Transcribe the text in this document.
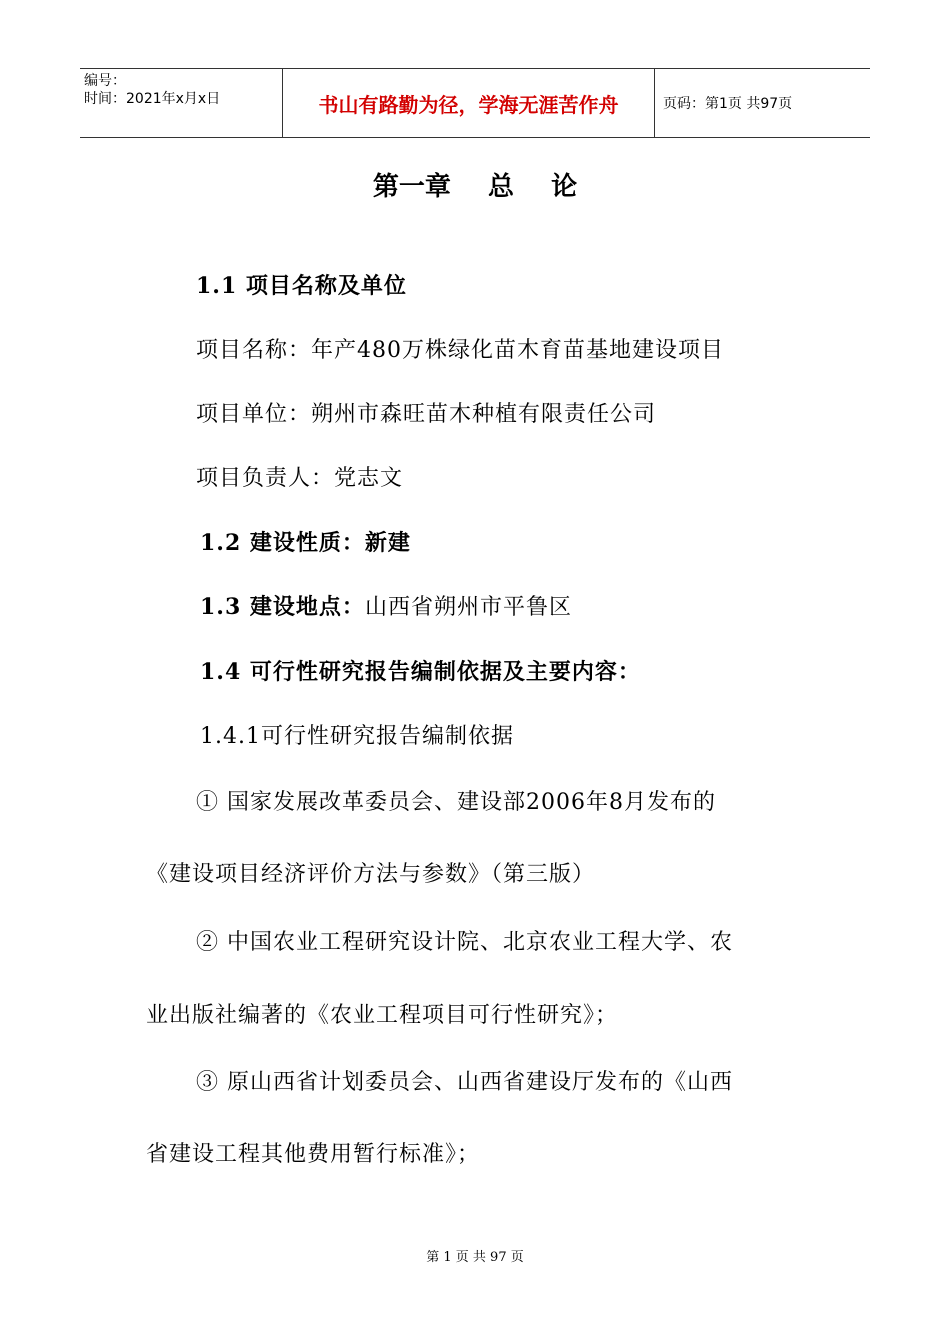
编号：
时间：2021年x月x日	书山有路勤为径，学海无涯苦作舟	页码：第1页 共97页
第一章 总 论
1.1 项目名称及单位
项目名称：年产480万株绿化苗木育苗基地建设项目
项目单位：朔州市森旺苗木种植有限责任公司
项目负责人：党志文
1.2 建设性质：新建
1.3 建设地点：山西省朔州市平鲁区
1.4 可行性研究报告编制依据及主要内容：
1.4.1可行性研究报告编制依据
① 国家发展改革委员会、建设部2006年8月发布的
《建设项目经济评价方法与参数》（第三版）
② 中国农业工程研究设计院、北京农业工程大学、农
业出版社编著的《农业工程项目可行性研究》；
③ 原山西省计划委员会、山西省建设厅发布的《山西
省建设工程其他费用暂行标准》；
第 1 页 共 97 页
